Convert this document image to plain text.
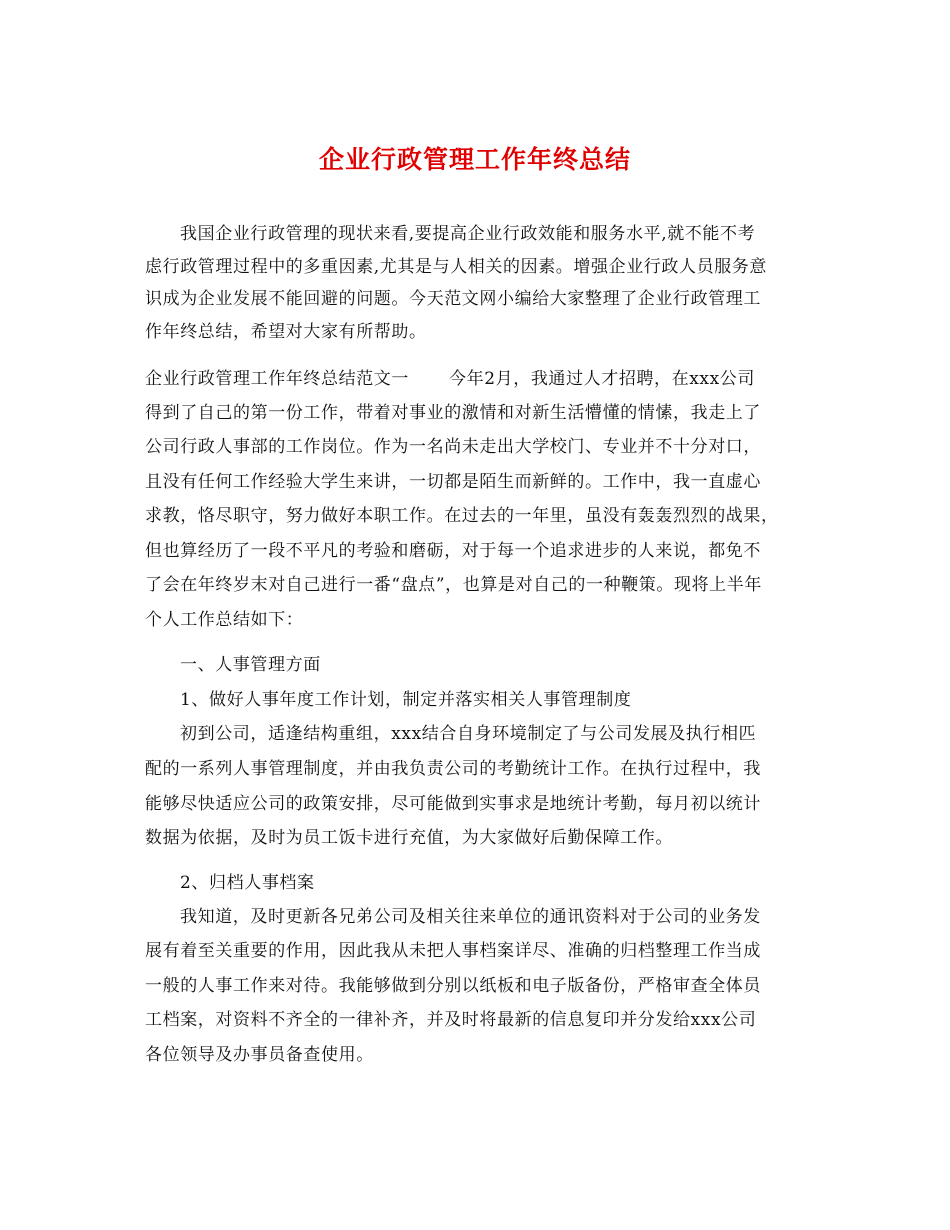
企业行政管理工作年终总结
我国企业行政管理的现状来看,要提高企业行政效能和服务水平,就不能不考
虑行政管理过程中的多重因素,尤其是与人相关的因素。增强企业行政人员服务意
识成为企业发展不能回避的问题。今天范文网小编给大家整理了企业行政管理工
作年终总结，希望对大家有所帮助。
企业行政管理工作年终总结范文一 今年2月，我通过人才招聘，在xxx公司
得到了自己的第一份工作，带着对事业的激情和对新生活懵懂的情愫，我走上了
公司行政人事部的工作岗位。作为一名尚未走出大学校门、专业并不十分对口，
且没有任何工作经验大学生来讲，一切都是陌生而新鲜的。工作中，我一直虚心
求教，恪尽职守，努力做好本职工作。在过去的一年里，虽没有轰轰烈烈的战果，
但也算经历了一段不平凡的考验和磨砺，对于每一个追求进步的人来说，都免不
了会在年终岁末对自己进行一番“盘点”，也算是对自己的一种鞭策。现将上半年
个人工作总结如下：
一、人事管理方面
1、做好人事年度工作计划，制定并落实相关人事管理制度
初到公司，适逢结构重组，xxx结合自身环境制定了与公司发展及执行相匹
配的一系列人事管理制度，并由我负责公司的考勤统计工作。在执行过程中，我
能够尽快适应公司的政策安排，尽可能做到实事求是地统计考勤，每月初以统计
数据为依据，及时为员工饭卡进行充值，为大家做好后勤保障工作。
2、归档人事档案
我知道，及时更新各兄弟公司及相关往来单位的通讯资料对于公司的业务发
展有着至关重要的作用，因此我从未把人事档案详尽、准确的归档整理工作当成
一般的人事工作来对待。我能够做到分别以纸板和电子版备份，严格审查全体员
工档案，对资料不齐全的一律补齐，并及时将最新的信息复印并分发给xxx公司
各位领导及办事员备查使用。
